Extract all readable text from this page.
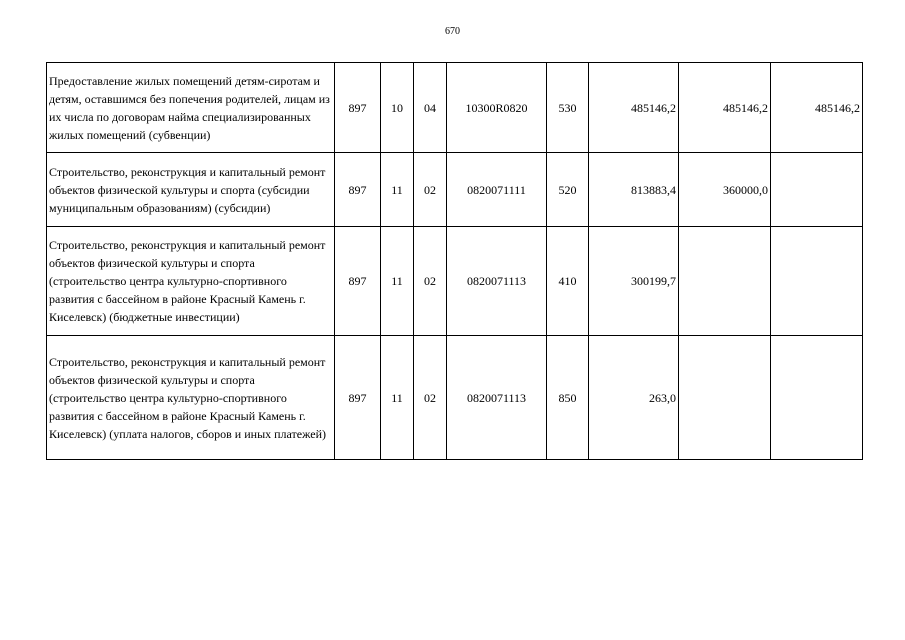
670
Предоставление жилых помещений детям-сиротам и детям, оставшимся без попечения родителей, лицам из их числа по договорам найма специализированных жилых помещений (субвенции)	897	10	04	10300R0820	530	485146,2	485146,2	485146,2
Строительство, реконструкция и капитальный ремонт объектов физической культуры и спорта (субсидии муниципальным образованиям) (субсидии)	897	11	02	0820071111	520	813883,4	360000,0	
Строительство, реконструкция и капитальный ремонт объектов физической культуры и спорта (строительство центра культурно-спортивного развития с бассейном в районе Красный Камень г. Киселевск) (бюджетные инвестиции)	897	11	02	0820071113	410	300199,7		
Строительство, реконструкция и капитальный ремонт объектов физической культуры и спорта (строительство центра культурно-спортивного развития с бассейном в районе Красный Камень г. Киселевск) (уплата налогов, сборов и иных платежей)	897	11	02	0820071113	850	263,0		
